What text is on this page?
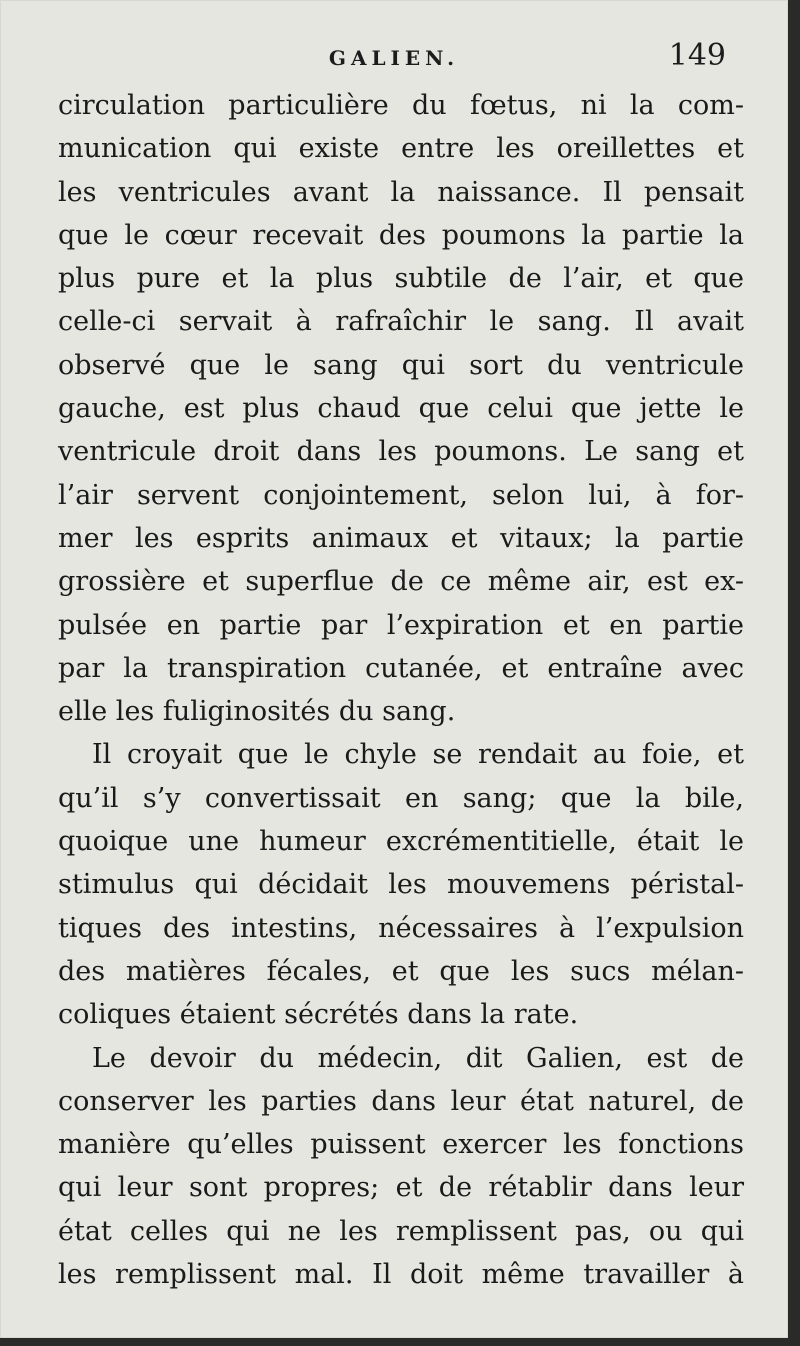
GALIEN.	149
circulation particulière du fœtus, ni la com-
munication qui existe entre les oreillettes et
les ventricules avant la naissance. Il pensait
que le cœur recevait des poumons la partie la
plus pure et la plus subtile de l’air, et que
celle-ci servait à rafraîchir le sang. Il avait
observé que le sang qui sort du ventricule
gauche, est plus chaud que celui que jette le
ventricule droit dans les poumons. Le sang et
l’air servent conjointement, selon lui, à for-
mer les esprits animaux et vitaux; la partie
grossière et superflue de ce même air, est ex-
pulsée en partie par l’expiration et en partie
par la transpiration cutanée, et entraîne avec
elle les fuliginosités du sang.
Il croyait que le chyle se rendait au foie, et
qu’il s’y convertissait en sang; que la bile,
quoique une humeur excrémentitielle, était le
stimulus qui décidait les mouvemens péristal-
tiques des intestins, nécessaires à l’expulsion
des matières fécales, et que les sucs mélan-
coliques étaient sécrétés dans la rate.
Le devoir du médecin, dit Galien, est de
conserver les parties dans leur état naturel, de
manière qu’elles puissent exercer les fonctions
qui leur sont propres; et de rétablir dans leur
état celles qui ne les remplissent pas, ou qui
les remplissent mal. Il doit même travailler à
